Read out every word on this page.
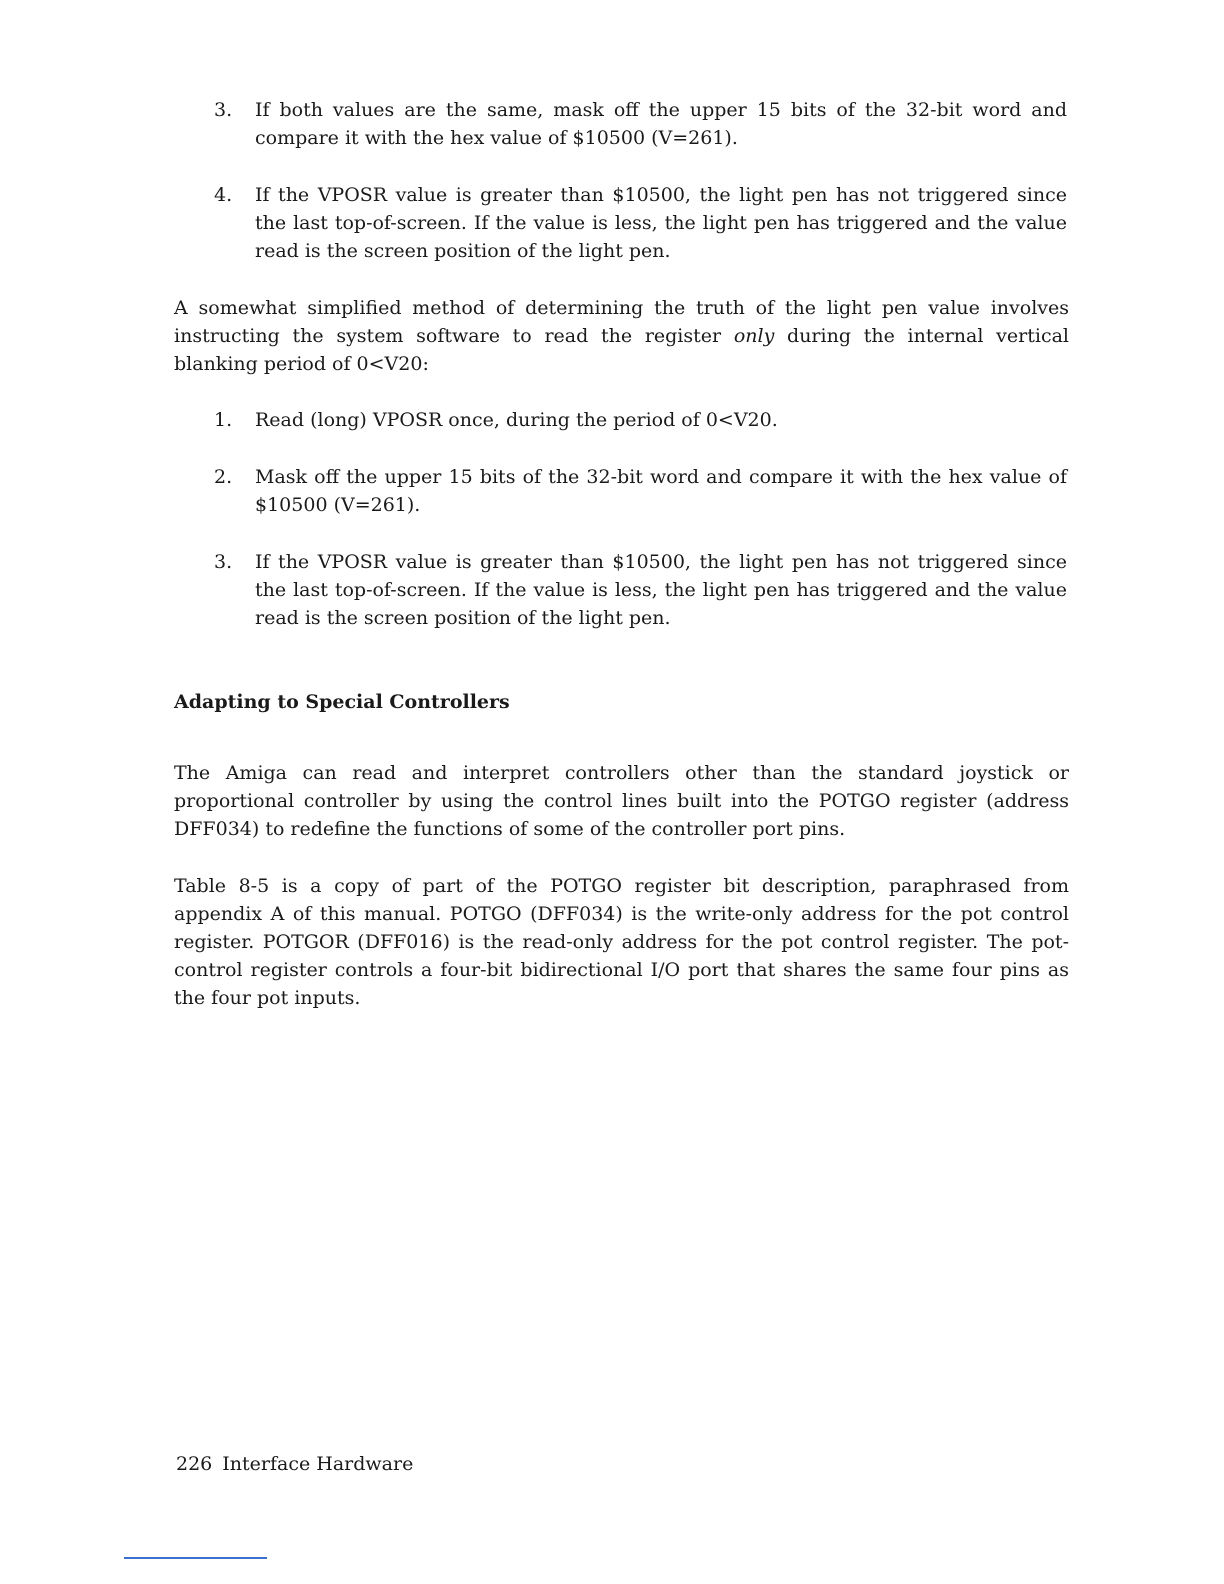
3.	If both values are the same, mask off the upper 15 bits of the 32-bit word and compare it with the hex value of $10500 (V=261).
4.	If the VPOSR value is greater than $10500, the light pen has not triggered since the last top-of-screen. If the value is less, the light pen has triggered and the value read is the screen position of the light pen.
A somewhat simplified method of determining the truth of the light pen value involves instructing the system software to read the register only during the internal vertical blanking period of 0<V20:
1.	Read (long) VPOSR once, during the period of 0<V20.
2.	Mask off the upper 15 bits of the 32-bit word and compare it with the hex value of $10500 (V=261).
3.	If the VPOSR value is greater than $10500, the light pen has not triggered since the last top-of-screen. If the value is less, the light pen has triggered and the value read is the screen position of the light pen.
Adapting to Special Controllers
The Amiga can read and interpret controllers other than the standard joystick or proportional controller by using the control lines built into the POTGO register (address DFF034) to redefine the functions of some of the controller port pins.
Table 8-5 is a copy of part of the POTGO register bit description, paraphrased from appendix A of this manual. POTGO (DFF034) is the write-only address for the pot control register. POTGOR (DFF016) is the read-only address for the pot control register. The pot-control register controls a four-bit bidirectional I/O port that shares the same four pins as the four pot inputs.
226 Interface Hardware
